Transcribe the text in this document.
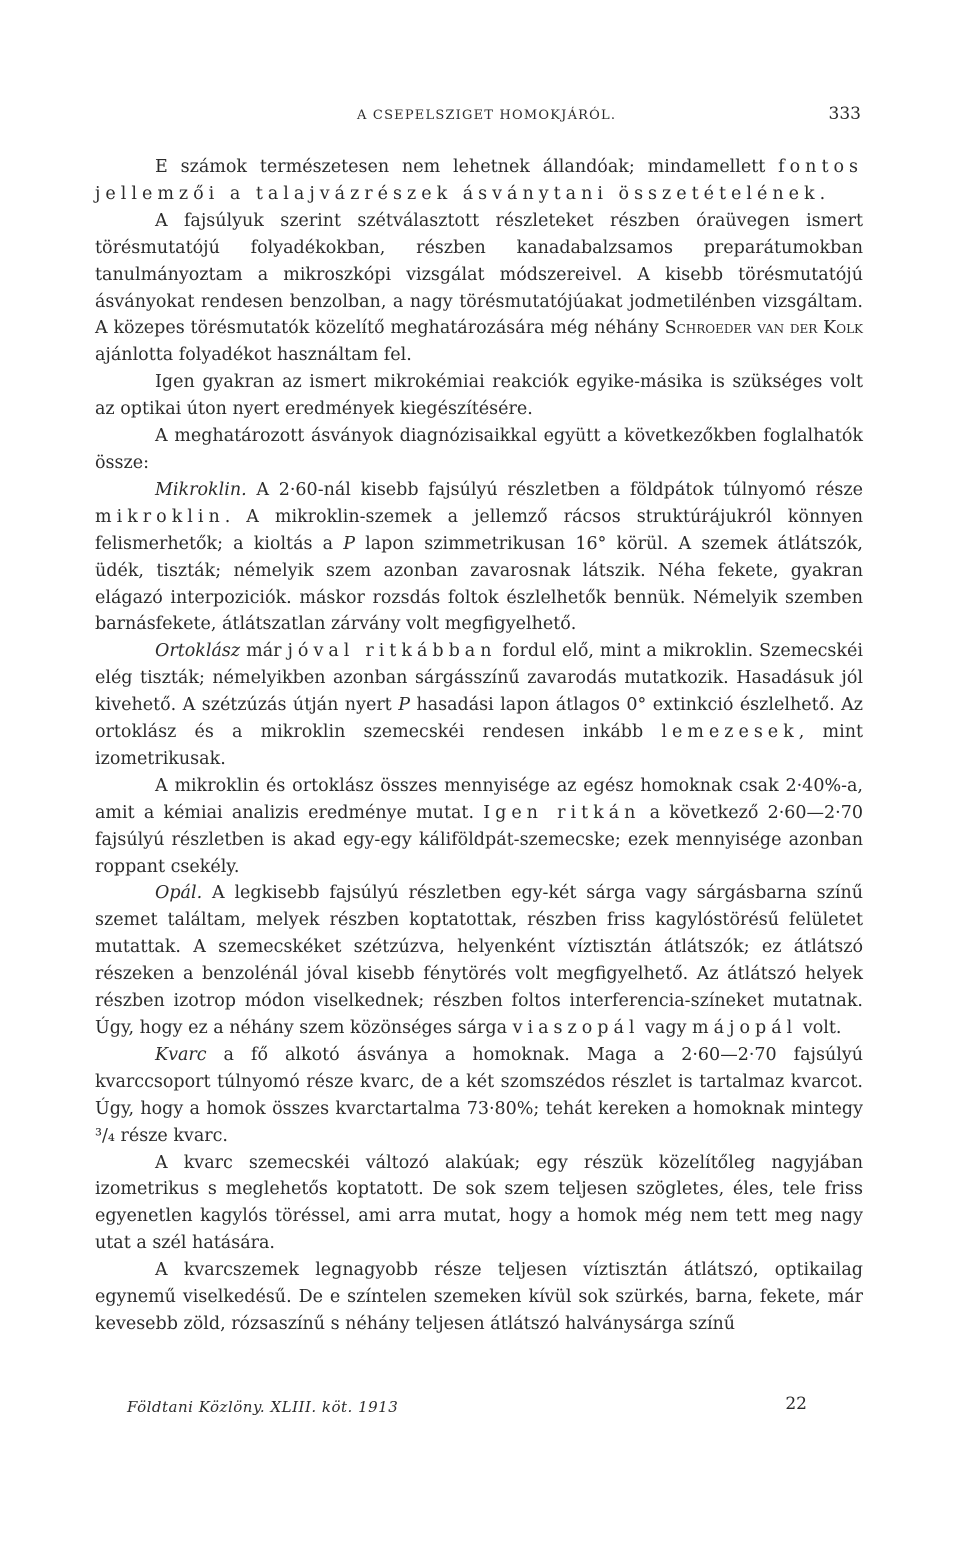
A CSEPELSZIGET HOMOKJÁRÓL.	333

E számok természetesen nem lehetnek állandóak; mindamellett fontos jellemzői a talajvázrészek ásványtani összetételének.

A fajsúlyuk szerint szétválasztott részleteket részben óraüvegen ismert törésmutatójú folyadékokban, részben kanadabalzsamos preparátumokban tanulmányoztam a mikroszkópi vizsgálat módszereivel. A kisebb törésmutatójú ásványokat rendesen benzolban, a nagy törésmutatójúakat jodmetilénben vizsgáltam. A közepes törésmutatók közelítő meghatározására még néhány Schroeder van der Kolk ajánlotta folyadékot használtam fel.

Igen gyakran az ismert mikrokémiai reakciók egyike-másika is szükséges volt az optikai úton nyert eredmények kiegészítésére.

A meghatározott ásványok diagnózisaikkal együtt a következőkben foglalhatók össze:

Mikroklin. A 2·60-nál kisebb fajsúlyú részletben a földpátok túlnyomó része mikroklin. A mikroklin-szemek a jellemző rácsos struktúrájukról könnyen felismerhetők; a kioltás a P lapon szimmetrikusan 16° körül. A szemek átlátszók, üdék, tiszták; némelyik szem azonban zavarosnak látszik. Néha fekete, gyakran elágazó interpoziciók. máskor rozsdás foltok észlelhetők bennük. Némelyik szemben barnásfekete, átlátszatlan zárvány volt megfigyelhető.

Ortoklász már jóval ritkábban fordul elő, mint a mikroklin. Szemecskéi elég tiszták; némelyikben azonban sárgásszínű zavarodás mutatkozik. Hasadásuk jól kivehető. A szétzúzás útján nyert P hasadási lapon átlagos 0° extinkció észlelhető. Az ortoklász és a mikroklin szemecskéi rendesen inkább lemezesek, mint izometrikusak.

A mikroklin és ortoklász összes mennyisége az egész homoknak csak 2·40%-a, amit a kémiai analizis eredménye mutat. Igen ritkán a következő 2·60—2·70 fajsúlyú részletben is akad egy-egy káliföldpát-szemecske; ezek mennyisége azonban roppant csekély.

Opál. A legkisebb fajsúlyú részletben egy-két sárga vagy sárgásbarna színű szemet találtam, melyek részben koptatottak, részben friss kagylóstörésű felületet mutattak. A szemecskéket szétzúzva, helyenként víztisztán átlátszók; ez átlátszó részeken a benzolénál jóval kisebb fénytörés volt megfigyelhető. Az átlátszó helyek részben izotrop módon viselkednek; részben foltos interferencia-színeket mutatnak. Úgy, hogy ez a néhány szem közönséges sárga viaszopál vagy májopál volt.

Kvarc a fő alkotó ásványa a homoknak. Maga a 2·60—2·70 fajsúlyú kvarccsoport túlnyomó része kvarc, de a két szomszédos részlet is tartalmaz kvarcot. Úgy, hogy a homok összes kvarctartalma 73·80%; tehát kereken a homoknak mintegy ³/₄ része kvarc.

A kvarc szemecskéi változó alakúak; egy részük közelítőleg nagyjában izometrikus s meglehetős koptatott. De sok szem teljesen szögletes, éles, tele friss egyenetlen kagylós töréssel, ami arra mutat, hogy a homok még nem tett meg nagy utat a szél hatására.

A kvarcszemek legnagyobb része teljesen víztisztán átlátszó, optikailag egynemű viselkedésű. De e színtelen szemeken kívül sok szürkés, barna, fekete, már kevesebb zöld, rózsaszínű s néhány teljesen átlátszó halványsárga színű

Földtani Közlöny. XLIII. köt. 1913	22
